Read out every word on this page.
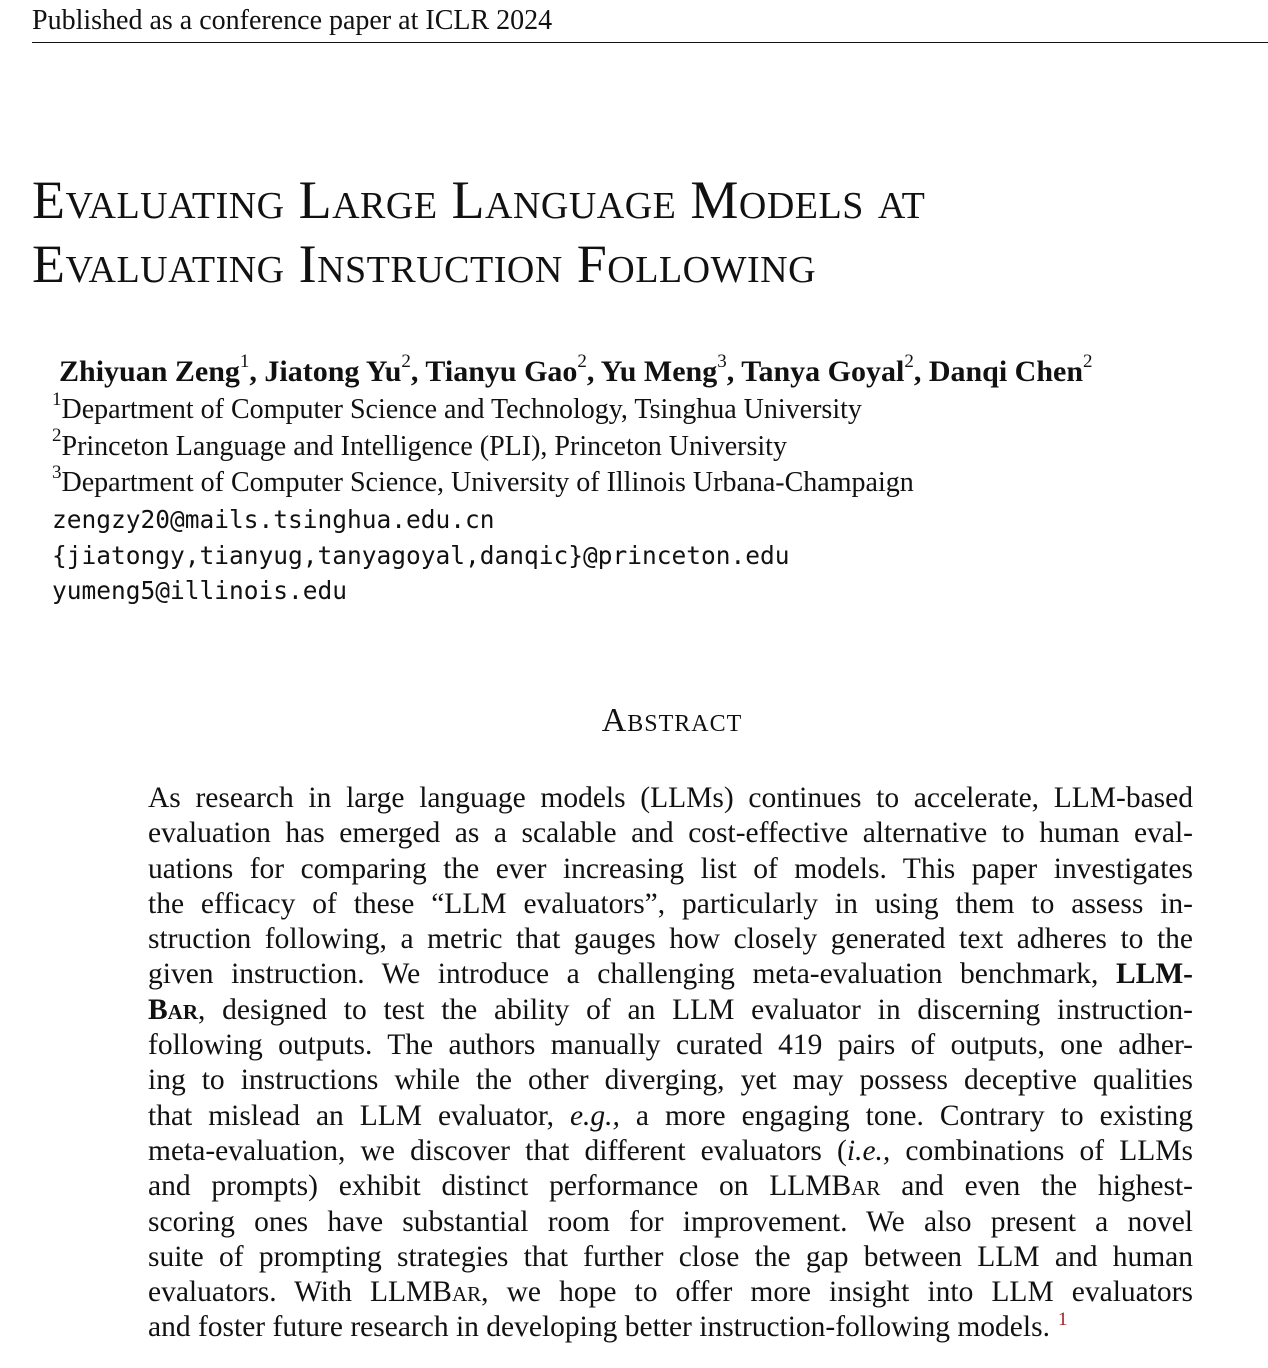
Published as a conference paper at ICLR 2024
Evaluating Large Language Models at
Evaluating Instruction Following
Zhiyuan Zeng$^1$, Jiatong Yu$^2$, Tianyu Gao$^2$, Yu Meng$^3$, Tanya Goyal$^2$, Danqi Chen$^2$
$^1$Department of Computer Science and Technology, Tsinghua University
$^2$Princeton Language and Intelligence (PLI), Princeton University
$^3$Department of Computer Science, University of Illinois Urbana-Champaign
zengzy20@mails.tsinghua.edu.cn
{jiatongy,tianyug,tanyagoyal,danqic}@princeton.edu
yumeng5@illinois.edu
Abstract
As research in large language models (LLMs) continues to accelerate, LLM-based
evaluation has emerged as a scalable and cost-effective alternative to human eval-
uations for comparing the ever increasing list of models. This paper investigates
the efficacy of these “LLM evaluators”, particularly in using them to assess in-
struction following, a metric that gauges how closely generated text adheres to the
given instruction. We introduce a challenging meta-evaluation benchmark, LLM-
Bar, designed to test the ability of an LLM evaluator in discerning instruction-
following outputs. The authors manually curated 419 pairs of outputs, one adher-
ing to instructions while the other diverging, yet may possess deceptive qualities
that mislead an LLM evaluator, e.g., a more engaging tone. Contrary to existing
meta-evaluation, we discover that different evaluators (i.e., combinations of LLMs
and prompts) exhibit distinct performance on LLMBar and even the highest-
scoring ones have substantial room for improvement. We also present a novel
suite of prompting strategies that further close the gap between LLM and human
evaluators. With LLMBar, we hope to offer more insight into LLM evaluators
and foster future research in developing better instruction-following models. $^1$
